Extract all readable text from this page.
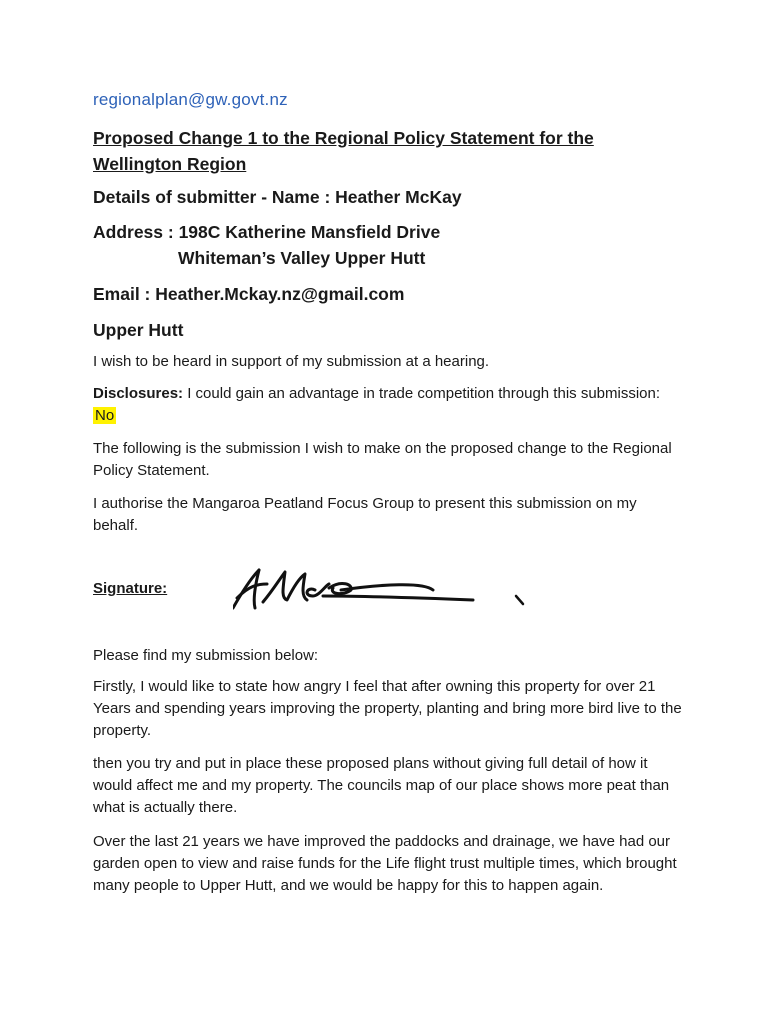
regionalplan@gw.govt.nz
Proposed Change 1 to the Regional Policy Statement for the Wellington Region
Details of submitter - Name : Heather McKay
Address : 198C Katherine Mansfield Drive
Whiteman’s Valley Upper Hutt
Email : Heather.Mckay.nz@gmail.com
Upper Hutt
I wish to be heard in support of my submission at a hearing.
Disclosures: I could gain an advantage in trade competition through this submission: No
The following is the submission I wish to make on the proposed change to the Regional Policy Statement.
I authorise the Mangaroa Peatland Focus Group to present this submission on my behalf.
Signature:
Please find my submission below:
Firstly, I would like to state how angry I feel that after owning this property for over 21 Years and spending years improving the property, planting and bring more bird live to the property.
then you try and put in place these proposed plans without giving full detail of how it would affect me and my property. The councils map of our place shows more peat than what is actually there.
Over the last 21 years we have improved the paddocks and drainage, we have had our garden open to view and raise funds for the Life flight trust multiple times, which brought many people to Upper Hutt, and we would be happy for this to happen again.
